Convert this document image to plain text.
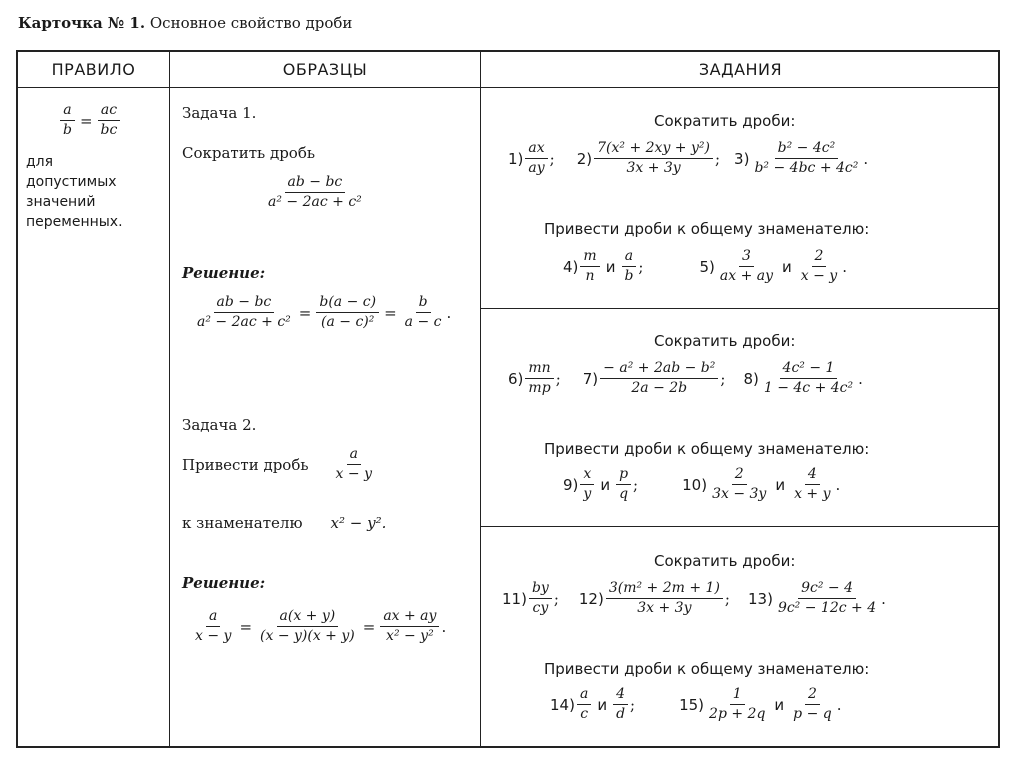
Карточка № 1. Основное свойство дроби
ПРАВИЛО	ОБРАЗЦЫ	ЗАДАНИЯ
$\frac{a}{b} = \frac{ac}{bc}$
для
допустимых
значений
переменных.
Задача 1.
Сократить дробь
$\frac{ab - bc}{\text{a² − 2ac + c²}}$
Решение:
$\frac{ab - bc}{\text{a² − 2ac + c²}} = \frac{b(a - c)}{\text{(a − c)²}} = \frac{b}{a - c}$ .
Задача 2.
Привести дробь $\frac{a}{x - y}$
к знаменателю x² − y².
Решение:
$\frac{a}{x - y} = \frac{a(x + y)}{(x - y)(x + y)} = \frac{ax + ay}{\text{x² − y²}}$ .
Сократить дроби:
$1) \frac{ax}{ay}$ ; $2) \frac{\text{7(x² + 2xy + y²)}}{3x + 3y}$ ; $3) \frac{\text{b² − 4c²}}{\text{b² − 4bc + 4c²}}$ .
Привести дроби к общему знаменателю:
$4) \frac{m}{n}$ и $\frac{a}{b}$ ;	$5) \frac{3}{ax + ay}$ и $\frac{2}{x - y}$ .
Сократить дроби:
$6) \frac{mn}{mp}$ ; $7) \frac{\text{− a² + 2ab − b²}}{2a - 2b}$ ; $8) \frac{\text{4c² − 1}}{\text{1 − 4c + 4c²}}$ .
Привести дроби к общему знаменателю:
$9) \frac{x}{y}$ и $\frac{p}{q}$ ;	$10) \frac{2}{3x - 3y}$ и $\frac{4}{x + y}$ .
Сократить дроби:
$11) \frac{by}{cy}$ ; $12) \frac{\text{3(m² + 2m + 1)}}{3x + 3y}$ ; $13) \frac{\text{9c² − 4}}{\text{9c² − 12c + 4}}$ .
Привести дроби к общему знаменателю:
$14) \frac{a}{c}$ и $\frac{4}{d}$ ;	$15) \frac{1}{2p + 2q}$ и $\frac{2}{p - q}$ .
